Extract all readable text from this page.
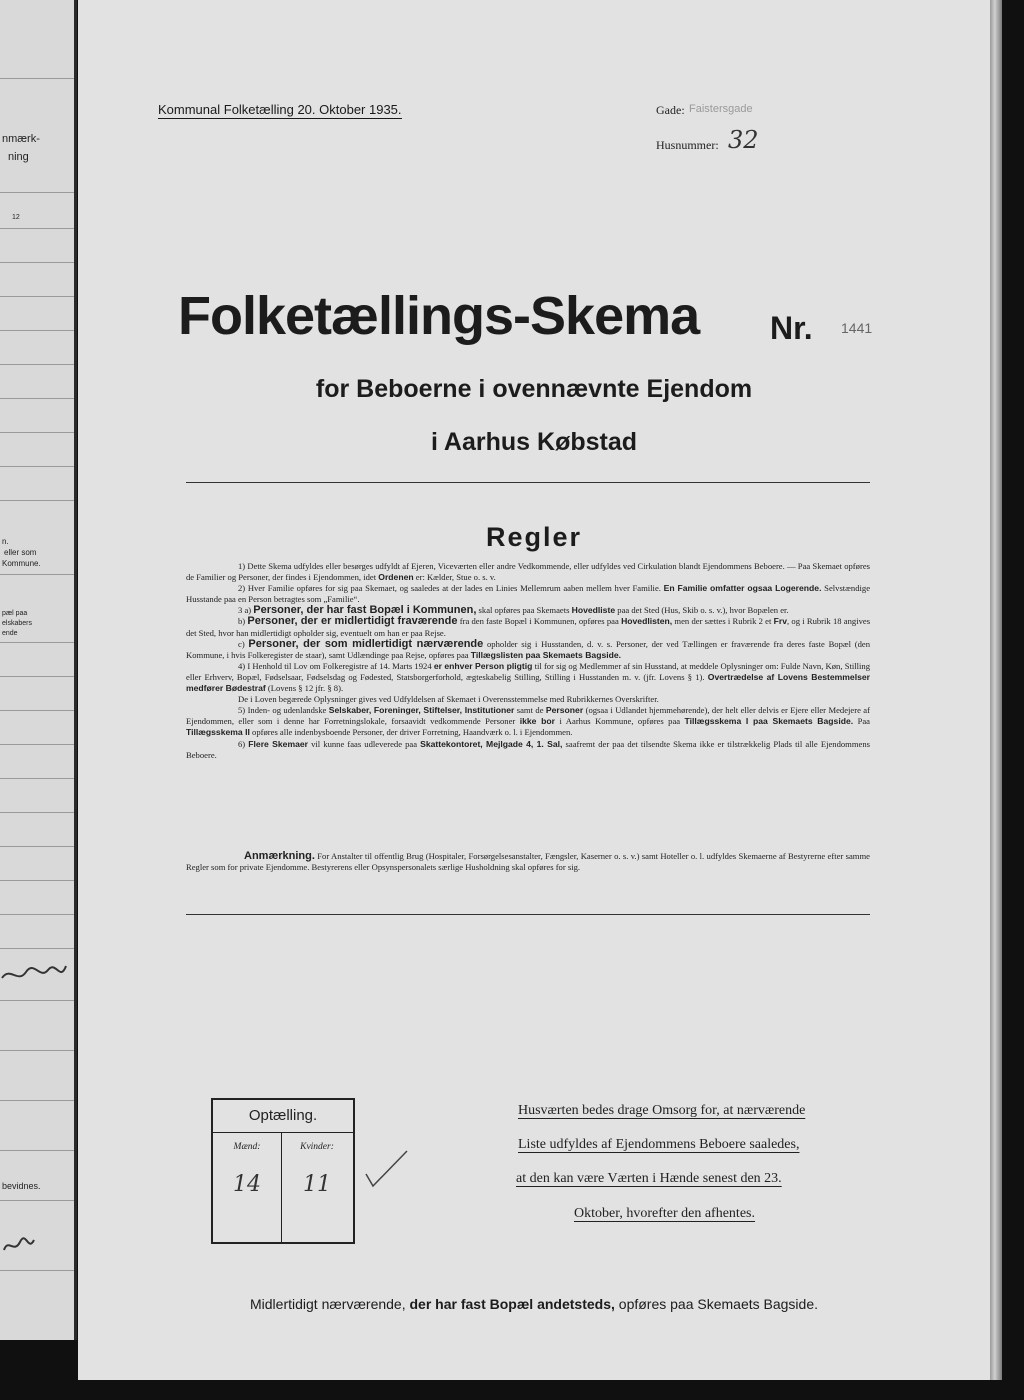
nmærk-
ning
12
n.
eller som
Kommune.
pæl paa
elskabers
ende
bevidnes.
Kommunal Folketælling 20. Oktober 1935.	Gade: Faistersgade
Husnummer: 32
Folketællings-Skema Nr. 1441
for Beboerne i ovennævnte Ejendom
i Aarhus Købstad
Regler

1) Dette Skema udfyldes eller besørges udfyldt af Ejeren, Viceværten eller andre Vedkommende, eller udfyldes ved Cirkulation blandt Ejendommens Beboere. — Paa Skemaet opføres de Familier og Personer, der findes i Ejendommen, idet Ordenen er: Kælder, Stue o. s. v.

2) Hver Familie opføres for sig paa Skemaet, og saaledes at der lades en Linies Mellemrum aaben mellem hver Familie. En Familie omfatter ogsaa Logerende. Selvstændige Husstande paa en Person betragtes som „Familie“.

3 a) Personer, der har fast Bopæl i Kommunen, skal opføres paa Skemaets Hovedliste paa det Sted (Hus, Skib o. s. v.), hvor Bopælen er.

b) Personer, der er midlertidigt fraværende fra den faste Bopæl i Kommunen, opføres paa Hovedlisten, men der sættes i Rubrik 2 et Frv, og i Rubrik 18 angives det Sted, hvor han midlertidigt opholder sig, eventuelt om han er paa Rejse.

c) Personer, der som midlertidigt nærværende opholder sig i Husstanden, d. v. s. Personer, der ved Tællingen er fraværende fra deres faste Bopæl (den Kommune, i hvis Folkeregister de staar), samt Udlændinge paa Rejse, opføres paa Tillægslisten paa Skemaets Bagside.

4) I Henhold til Lov om Folkeregistre af 14. Marts 1924 er enhver Person pligtig til for sig og Medlemmer af sin Husstand, at meddele Oplysninger om: Fulde Navn, Køn, Stilling eller Erhverv, Bopæl, Fødselsaar, Fødselsdag og Fødested, Statsborgerforhold, ægteskabelig Stilling, Stilling i Husstanden m. v. (jfr. Lovens § 1). Overtrædelse af Lovens Bestemmelser medfører Bødestraf (Lovens § 12 jfr. § 8).

De i Loven begærede Oplysninger gives ved Udfyldelsen af Skemaet i Overensstemmelse med Rubrikkernes Overskrifter.

5) Inden- og udenlandske Selskaber, Foreninger, Stiftelser, Institutioner samt de Personer (ogsaa i Udlandet hjemmehørende), der helt eller delvis er Ejere eller Medejere af Ejendommen, eller som i denne har Forretningslokale, forsaavidt vedkommende Personer ikke bor i Aarhus Kommune, opføres paa Tillægsskema I paa Skemaets Bagside. Paa Tillægsskema II opføres alle indenbysboende Personer, der driver Forretning, Haandværk o. l. i Ejendommen.

6) Flere Skemaer vil kunne faas udleverede paa Skattekontoret, Mejlgade 4, 1. Sal, saafremt der paa det tilsendte Skema ikke er tilstrækkelig Plads til alle Ejendommens Beboere.

Anmærkning. For Anstalter til offentlig Brug (Hospitaler, Forsørgelsesanstalter, Fængsler, Kaserner o. s. v.) samt Hoteller o. l. udfyldes Skemaerne af Bestyrerne efter samme Regler som for private Ejendomme. Bestyrerens eller Opsynspersonalets særlige Husholdning skal opføres for sig.
Optælling.
Mænd:	Kvinder:
14	11
Husværten bedes drage Omsorg for, at nærværende
Liste udfyldes af Ejendommens Beboere saaledes,
at den kan være Værten i Hænde senest den 23.
Oktober, hvorefter den afhentes.
Midlertidigt nærværende, der har fast Bopæl andetsteds, opføres paa Skemaets Bagside.
